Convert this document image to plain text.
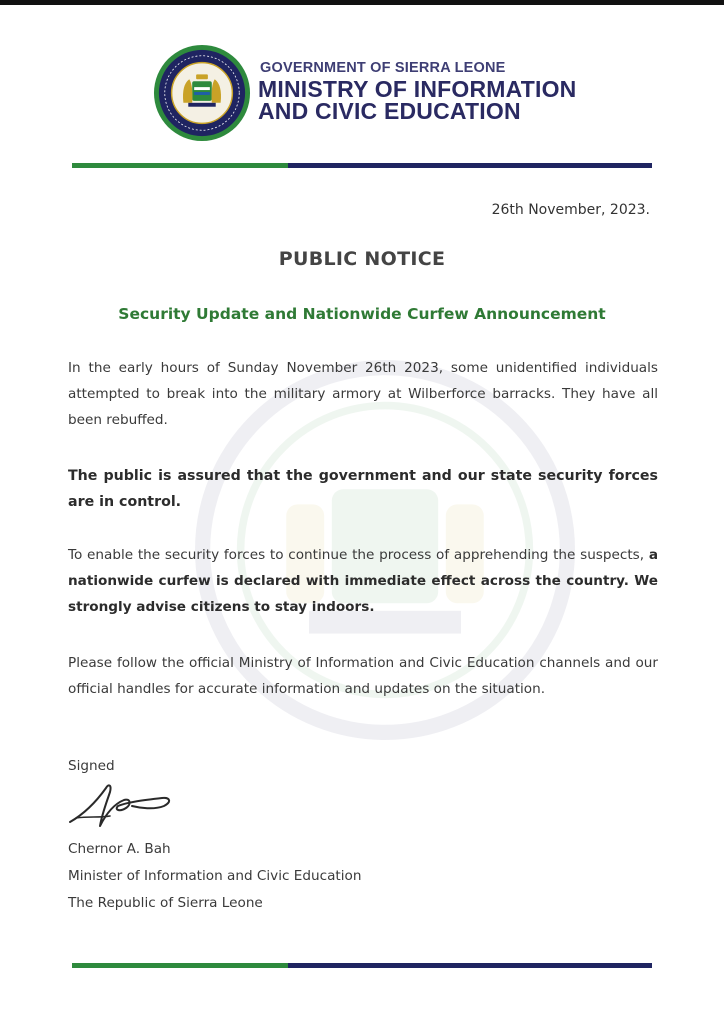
GOVERNMENT OF SIERRA LEONE
MINISTRY OF INFORMATION
AND CIVIC EDUCATION
26th November, 2023.
PUBLIC NOTICE
Security Update and Nationwide Curfew Announcement
In the early hours of Sunday November 26th 2023, some unidentified individuals attempted to break into the military armory at Wilberforce barracks. They have all been rebuffed.
The public is assured that the government and our state security forces are in control.
To enable the security forces to continue the process of apprehending the suspects, a nationwide curfew is declared with immediate effect across the country. We strongly advise citizens to stay indoors.
Please follow the official Ministry of Information and Civic Education channels and our official handles for accurate information and updates on the situation.
Signed
Chernor A. Bah
Minister of Information and Civic Education
The Republic of Sierra Leone
